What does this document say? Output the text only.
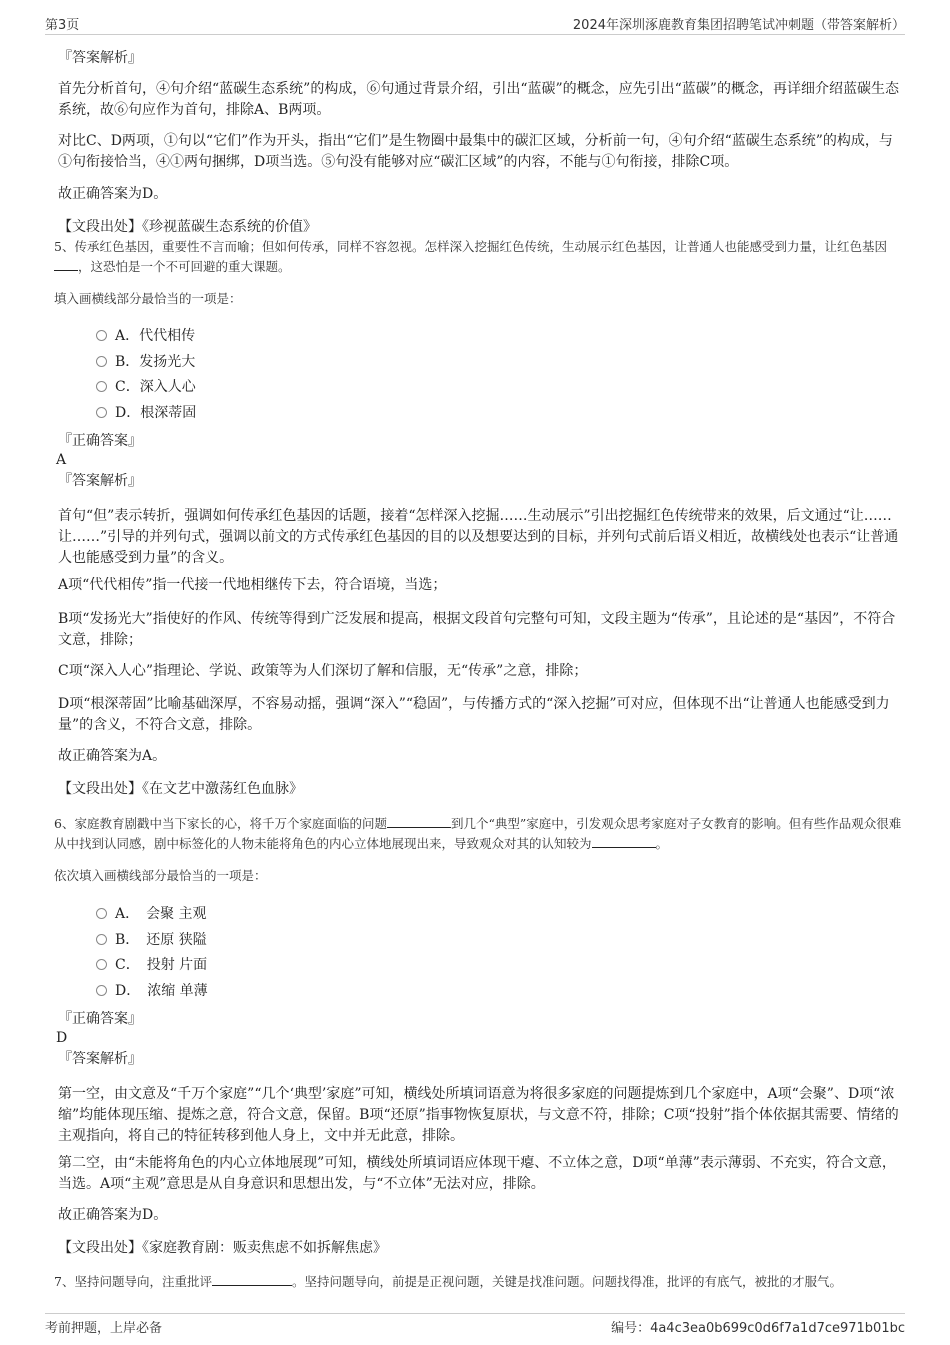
第3页	2024年深圳涿鹿教育集团招聘笔试冲刺题（带答案解析）

『答案解析』

首先分析首句，④句介绍“蓝碳生态系统”的构成，⑥句通过背景介绍，引出“蓝碳”的概念，应先引出“蓝碳”的概念，再详细介绍蓝碳生态系统，故⑥句应作为首句，排除A、B两项。

对比C、D两项，①句以“它们”作为开头，指出“它们”是生物圈中最集中的碳汇区域，分析前一句，④句介绍“蓝碳生态系统”的构成，与①句衔接恰当，④①两句捆绑，D项当选。⑤句没有能够对应“碳汇区域”的内容，不能与①句衔接，排除C项。

故正确答案为D。

【文段出处】《珍视蓝碳生态系统的价值》

5、传承红色基因，重要性不言而喻；但如何传承，同样不容忽视。怎样深入挖掘红色传统，生动展示红色基因，让普通人也能感受到力量，让红色基因，这恐怕是一个不可回避的重大课题。

填入画横线部分最恰当的一项是：

A．代代相传
B．发扬光大
C．深入人心
D．根深蒂固

『正确答案』

A

『答案解析』

首句“但”表示转折，强调如何传承红色基因的话题，接着“怎样深入挖掘……生动展示”引出挖掘红色传统带来的效果，后文通过“让……让……”引导的并列句式，强调以前文的方式传承红色基因的目的以及想要达到的目标，并列句式前后语义相近，故横线处也表示“让普通人也能感受到力量”的含义。

A项“代代相传”指一代接一代地相继传下去，符合语境，当选；

B项“发扬光大”指使好的作风、传统等得到广泛发展和提高，根据文段首句完整句可知，文段主题为“传承”，且论述的是“基因”，不符合文意，排除；

C项“深入人心”指理论、学说、政策等为人们深切了解和信服，无“传承”之意，排除；

D项“根深蒂固”比喻基础深厚，不容易动摇，强调“深入”“稳固”，与传播方式的“深入挖掘”可对应，但体现不出“让普通人也能感受到力量”的含义，不符合文意，排除。

故正确答案为A。

【文段出处】《在文艺中激荡红色血脉》

6、家庭教育剧戳中当下家长的心，将千万个家庭面临的问题	到几个“典型”家庭中，引发观众思考家庭对子女教育的影响。但有些作品观众很难从中找到认同感，剧中标签化的人物未能将角色的内心立体地展现出来，导致观众对其的认知较为	。

依次填入画横线部分最恰当的一项是：

A．　会聚 主观
B．　还原 狭隘
C．　投射 片面
D．　浓缩 单薄

『正确答案』

D

『答案解析』

第一空，由文意及“千万个家庭”“几个‘典型’家庭”可知，横线处所填词语意为将很多家庭的问题提炼到几个家庭中，A项“会聚”、D项“浓缩”均能体现压缩、提炼之意，符合文意，保留。B项“还原”指事物恢复原状，与文意不符，排除；C项“投射”指个体依据其需要、情绪的主观指向，将自己的特征转移到他人身上，文中并无此意，排除。

第二空，由“未能将角色的内心立体地展现”可知，横线处所填词语应体现干瘪、不立体之意，D项“单薄”表示薄弱、不充实，符合文意，当选。A项“主观”意思是从自身意识和思想出发，与“不立体”无法对应，排除。

故正确答案为D。

【文段出处】《家庭教育剧：贩卖焦虑不如拆解焦虑》

7、坚持问题导向，注重批评	。坚持问题导向，前提是正视问题，关键是找准问题。问题找得准，批评的有底气，被批的才服气。

考前押题，上岸必备	编号：4a4c3ea0b699c0d6f7a1d7ce971b01bc
